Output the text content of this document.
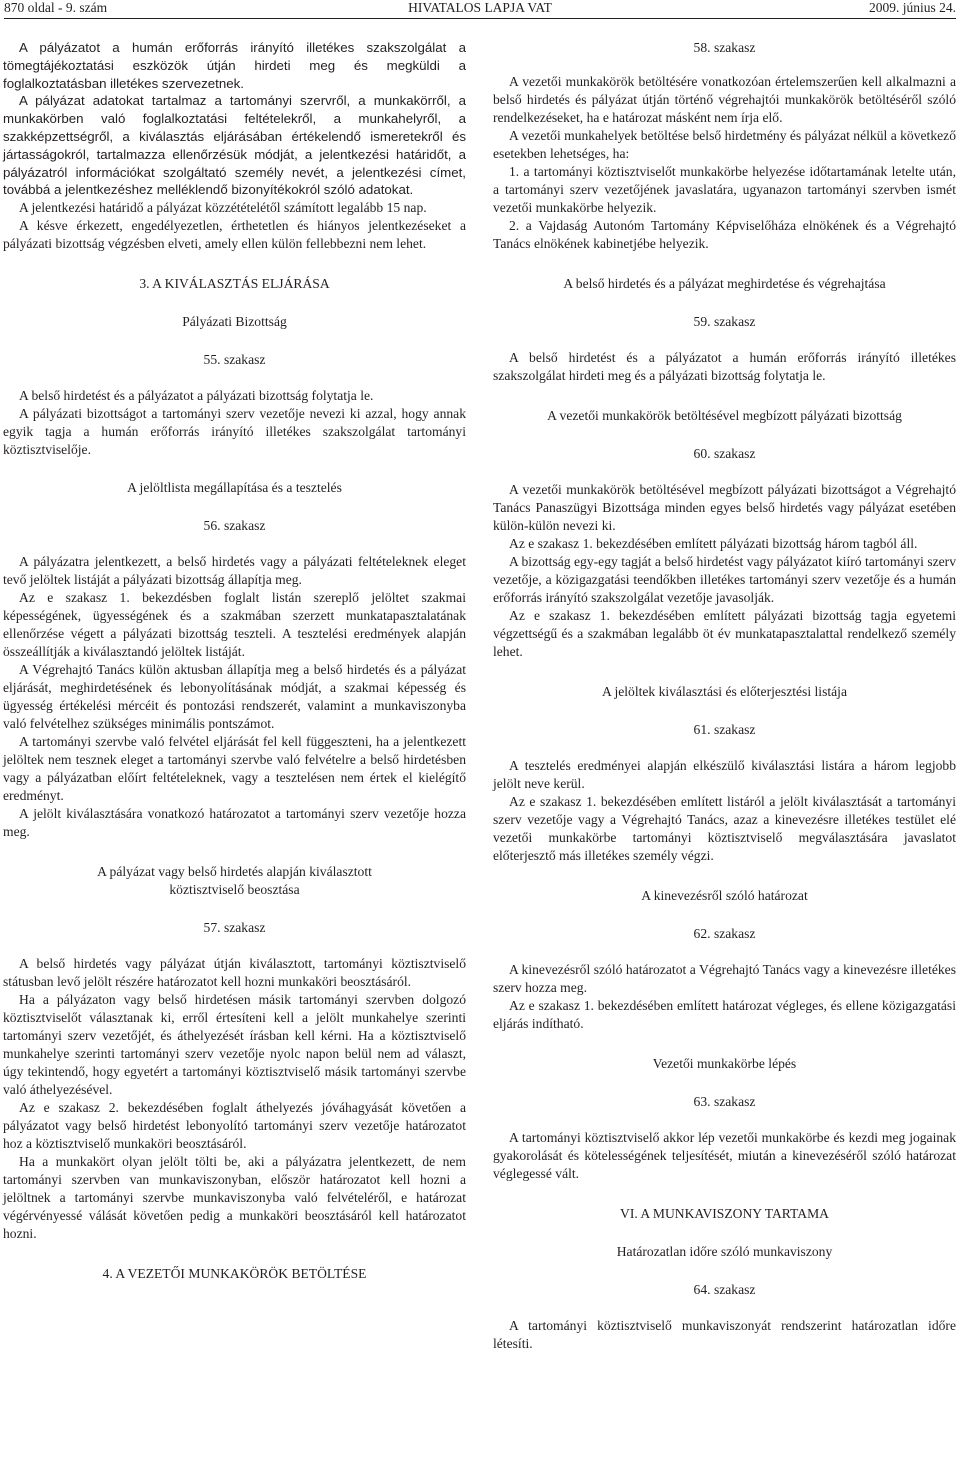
870 oldal - 9. szám	HIVATALOS LAPJA VAT	2009. június 24.

A pályázatot a humán erőforrás irányító illetékes szakszolgálat a tömegtájékoztatási eszközök útján hirdeti meg és megküldi a foglalkoztatásban illetékes szervezetnek.

A pályázat adatokat tartalmaz a tartományi szervről, a munkakörről, a munkakörben való foglalkoztatási feltételekről, a munkahelyről, a szakképzettségről, a kiválasztás eljárásában értékelendő ismeretekről és jártasságokról, tartalmazza ellenőrzésük módját, a jelentkezési határidőt, a pályázatról információkat szolgáltató személy nevét, a jelentkezési címet, továbbá a jelentkezéshez melléklendő bizonyítékokról szóló adatokat.

A jelentkezési határidő a pályázat közzétételétől számított legalább 15 nap.

A késve érkezett, engedélyezetlen, érthetetlen és hiányos jelentkezéseket a pályázati bizottság végzésben elveti, amely ellen külön fellebbezni nem lehet.

3. A KIVÁLASZTÁS ELJÁRÁSA

Pályázati Bizottság

55. szakasz

A belső hirdetést és a pályázatot a pályázati bizottság folytatja le.

A pályázati bizottságot a tartományi szerv vezetője nevezi ki azzal, hogy annak egyik tagja a humán erőforrás irányító illetékes szakszolgálat tartományi köztisztviselője.

A jelöltlista megállapítása és a tesztelés

56. szakasz

A pályázatra jelentkezett, a belső hirdetés vagy a pályázati feltételeknek eleget tevő jelöltek listáját a pályázati bizottság állapítja meg.

Az e szakasz 1. bekezdésben foglalt listán szereplő jelöltet szakmai képességének, ügyességének és a szakmában szerzett munkatapasztalatának ellenőrzése végett a pályázati bizottság teszteli. A tesztelési eredmények alapján összeállítják a kiválasztandó jelöltek listáját.

A Végrehajtó Tanács külön aktusban állapítja meg a belső hirdetés és a pályázat eljárását, meghirdetésének és lebonyolításának módját, a szakmai képesség és ügyesség értékelési mércéit és pontozási rendszerét, valamint a munkaviszonyba való felvételhez szükséges minimális pontszámot.

A tartományi szervbe való felvétel eljárását fel kell függeszteni, ha a jelentkezett jelöltek nem tesznek eleget a tartományi szervbe való felvételre a belső hirdetésben vagy a pályázatban előírt feltételeknek, vagy a tesztelésen nem értek el kielégítő eredményt.

A jelölt kiválasztására vonatkozó határozatot a tartományi szerv vezetője hozza meg.

A pályázat vagy belső hirdetés alapján kiválasztott

köztisztviselő beosztása

57. szakasz

A belső hirdetés vagy pályázat útján kiválasztott, tartományi köztisztviselő státusban levő jelölt részére határozatot kell hozni munkaköri beosztásáról.

Ha a pályázaton vagy belső hirdetésen másik tartományi szervben dolgozó köztisztviselőt választanak ki, erről értesíteni kell a jelölt munkahelye szerinti tartományi szerv vezetőjét, és áthelyezését írásban kell kérni. Ha a köztisztviselő munkahelye szerinti tartományi szerv vezetője nyolc napon belül nem ad választ, úgy tekintendő, hogy egyetért a tartományi köztisztviselő másik tartományi szervbe való áthelyezésével.

Az e szakasz 2. bekezdésében foglalt áthelyezés jóváhagyását követően a pályázatot vagy belső hirdetést lebonyolító tartományi szerv vezetője határozatot hoz a köztisztviselő munkaköri beosztásáról.

Ha a munkakört olyan jelölt tölti be, aki a pályázatra jelentkezett, de nem tartományi szervben van munkaviszonyban, először határozatot kell hozni a jelöltnek a tartományi szervbe munkaviszonyba való felvételéről, e határozat végérvényessé válását követően pedig a munkaköri beosztásáról kell határozatot hozni.

4. A VEZETŐI MUNKAKÖRÖK BETÖLTÉSE

58. szakasz

A vezetői munkakörök betöltésére vonatkozóan értelemszerűen kell alkalmazni a belső hirdetés és pályázat útján történő végrehajtói munkakörök betöltéséről szóló rendelkezéseket, ha e határozat másként nem írja elő.

A vezetői munkahelyek betöltése belső hirdetmény és pályázat nélkül a következő esetekben lehetséges, ha:

1. a tartományi köztisztviselőt munkakörbe helyezése időtartamának letelte után, a tartományi szerv vezetőjének javaslatára, ugyanazon tartományi szervben ismét vezetői munkakörbe helyezik.

2. a Vajdaság Autonóm Tartomány Képviselőháza elnökének és a Végrehajtó Tanács elnökének kabinetjébe helyezik.

A belső hirdetés és a pályázat meghirdetése és végrehajtása

59. szakasz

A belső hirdetést és a pályázatot a humán erőforrás irányító illetékes szakszolgálat hirdeti meg és a pályázati bizottság folytatja le.

A vezetői munkakörök betöltésével megbízott pályázati bizottság

60. szakasz

A vezetői munkakörök betöltésével megbízott pályázati bizottságot a Végrehajtó Tanács Panaszügyi Bizottsága minden egyes belső hirdetés vagy pályázat esetében külön-külön nevezi ki.

Az e szakasz 1. bekezdésében említett pályázati bizottság három tagból áll.

A bizottság egy-egy tagját a belső hirdetést vagy pályázatot kiíró tartományi szerv vezetője, a közigazgatási teendőkben illetékes tartományi szerv vezetője és a humán erőforrás irányító szakszolgálat vezetője javasolják.

Az e szakasz 1. bekezdésében említett pályázati bizottság tagja egyetemi végzettségű és a szakmában legalább öt év munkatapasztalattal rendelkező személy lehet.

A jelöltek kiválasztási és előterjesztési listája

61. szakasz

A tesztelés eredményei alapján elkészülő kiválasztási listára a három legjobb jelölt neve kerül.

Az e szakasz 1. bekezdésében említett listáról a jelölt kiválasztását a tartományi szerv vezetője vagy a Végrehajtó Tanács, azaz a kinevezésre illetékes testület elé vezetői munkakörbe tartományi köztisztviselő megválasztására javaslatot előterjesztő más illetékes személy végzi.

A kinevezésről szóló határozat

62. szakasz

A kinevezésről szóló határozatot a Végrehajtó Tanács vagy a kinevezésre illetékes szerv hozza meg.

Az e szakasz 1. bekezdésében említett határozat végleges, és ellene közigazgatási eljárás indítható.

Vezetői munkakörbe lépés

63. szakasz

A tartományi köztisztviselő akkor lép vezetői munkakörbe és kezdi meg jogainak gyakorolását és kötelességének teljesítését, miután a kinevezéséről szóló határozat véglegessé vált.

VI. A MUNKAVISZONY TARTAMA

Határozatlan időre szóló munkaviszony

64. szakasz

A tartományi köztisztviselő munkaviszonyát rendszerint határozatlan időre létesíti.
